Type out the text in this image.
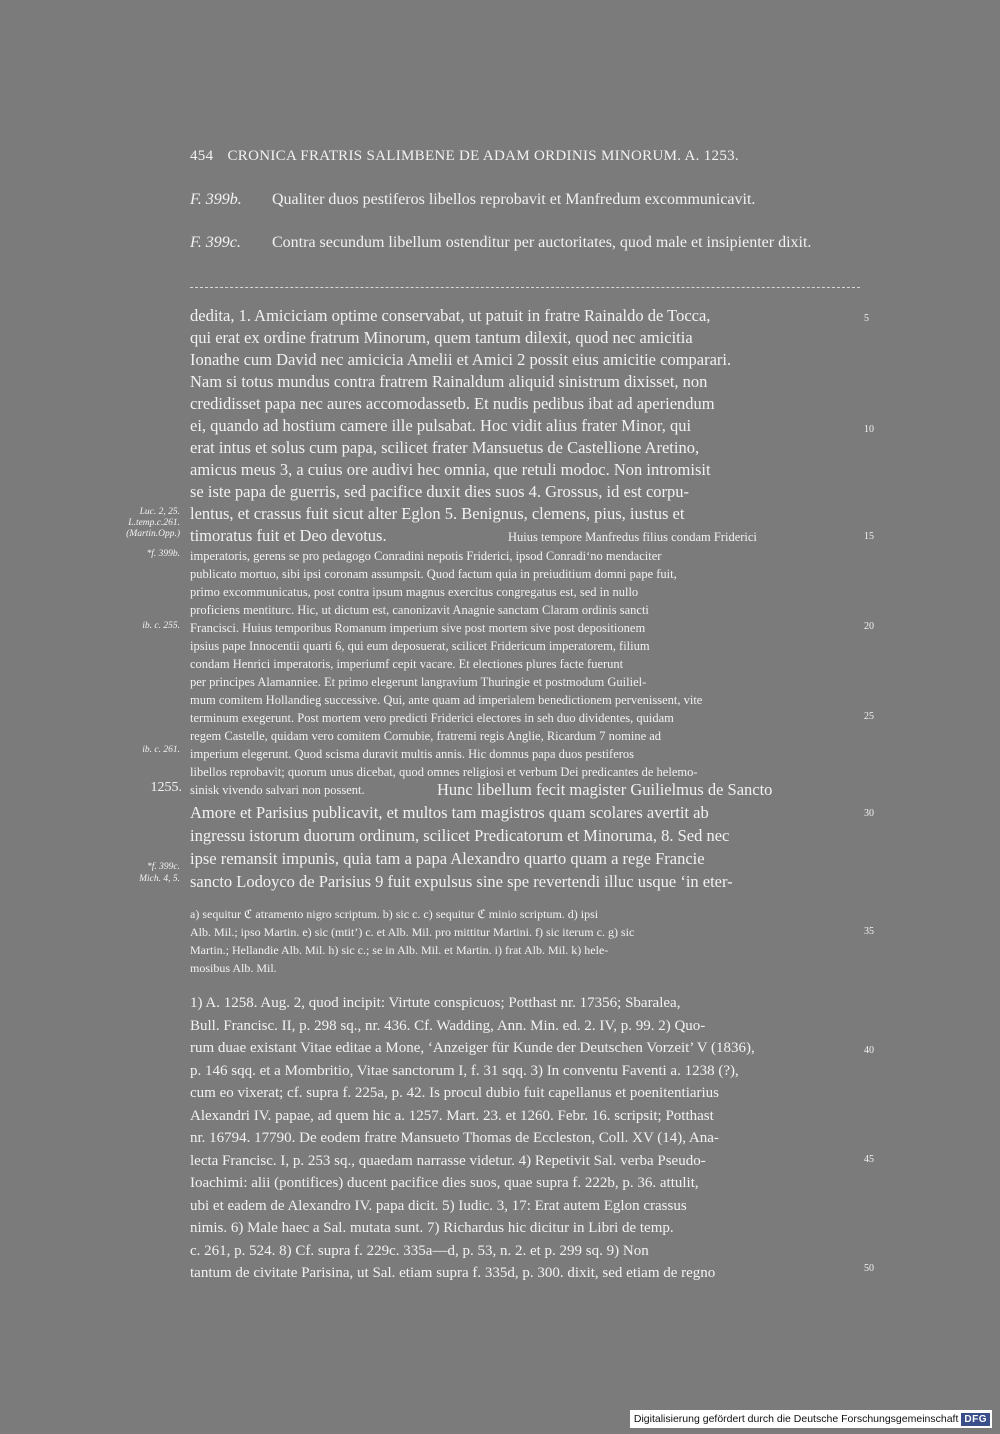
454 CRONICA FRATRIS SALIMBENE DE ADAM ORDINIS MINORUM. A. 1253.
F. 399b. Qualiter duos pestiferos libellos reprobavit et Manfredum excommunicavit.
F. 399c. Contra secundum libellum ostenditur per auctoritates, quod male et insipienter dixit.
dedita, 1. Amiciciam optime conservabat, ut patuit in fratre Rainaldo de Tocca,
qui erat ex ordine fratrum Minorum, quem tantum dilexit, quod nec amicitia
Ionathe cum David nec amicicia Amelii et Amici 2 possit eius amicitie comparari.
Nam si totus mundus contra fratrem Rainaldum aliquid sinistrum dixisset, non
credidisset papa nec aures accomodassetb. Et nudis pedibus ibat ad aperiendum
ei, quando ad hostium camere ille pulsabat. Hoc vidit alius frater Minor, qui
erat intus et solus cum papa, scilicet frater Mansuetus de Castellione Aretino,
amicus meus 3, a cuius ore audivi hec omnia, que retuli modoc. Non intromisit
se iste papa de guerris, sed pacifice duxit dies suos 4. Grossus, id est corpu-
lentus, et crassus fuit sicut alter Eglon 5. Benignus, clemens, pius, iustus et
timoratus fuit et Deo devotus.	Huius tempore Manfredus filius condam Friderici
imperatoris, gerens se pro pedagogo Conradini nepotis Friderici, ipsod Conradi‘no mendaciter
publicato mortuo, sibi ipsi coronam assumpsit. Quod factum quia in preiuditium domni pape fuit,
primo excommunicatus, post contra ipsum magnus exercitus congregatus est, sed in nullo
proficiens mentiturc. Hic, ut dictum est, canonizavit Anagnie sanctam Claram ordinis sancti
Francisci. Huius temporibus Romanum imperium sive post mortem sive post depositionem
ipsius pape Innocentii quarti 6, qui eum deposuerat, scilicet Fridericum imperatorem, filium
condam Henrici imperatoris, imperiumf cepit vacare. Et electiones plures facte fuerunt
per principes Alamanniee. Et primo elegerunt langravium Thuringie et postmodum Guiliel-
mum comitem Hollandieg successive. Qui, ante quam ad imperialem benedictionem pervenissent, vite
terminum exegerunt. Post mortem vero predicti Friderici electores in seh duo dividentes, quidam
regem Castelle, quidam vero comitem Cornubie, fratremi regis Anglie, Ricardum 7 nomine ad
imperium elegerunt. Quod scisma duravit multis annis. Hic domnus papa duos pestiferos
libellos reprobavit; quorum unus dicebat, quod omnes religiosi et verbum Dei predicantes de helemo-
sinisk vivendo salvari non possent.	Hunc libellum fecit magister Guilielmus de Sancto
Amore et Parisius publicavit, et multos tam magistros quam scolares avertit ab
ingressu istorum duorum ordinum, scilicet Predicatorum et Minoruma, 8. Sed nec
ipse remansit impunis, quia tam a papa Alexandro quarto quam a rege Francie
sancto Lodoyco de Parisius 9 fuit expulsus sine spe revertendi illuc usque ‘in eter-
1255.
Luc. 2, 25.
L.temp.c.261.
(Martin.Opp.)
*f. 399b.
ib. c. 255.
ib. c. 261.
*f. 399c.
Mich. 4, 5.
5
10
15
20
25
30
35
40
45
50
a) sequitur ℭ atramento nigro scriptum. b) sic c. c) sequitur ℭ minio scriptum. d) ipsi
Alb. Mil.; ipso Martin. e) sic (mtit’) c. et Alb. Mil. pro mittitur Martini. f) sic iterum c. g) sic
Martin.; Hellandie Alb. Mil. h) sic c.; se in Alb. Mil. et Martin. i) frat Alb. Mil. k) hele-
mosibus Alb. Mil.
1) A. 1258. Aug. 2, quod incipit: Virtute conspicuos; Potthast nr. 17356; Sbaralea,
Bull. Francisc. II, p. 298 sq., nr. 436. Cf. Wadding, Ann. Min. ed. 2. IV, p. 99. 2) Quo-
rum duae existant Vitae editae a Mone, ‘Anzeiger für Kunde der Deutschen Vorzeit’ V (1836),
p. 146 sqq. et a Mombritio, Vitae sanctorum I, f. 31 sqq. 3) In conventu Faventi a. 1238 (?),
cum eo vixerat; cf. supra f. 225a, p. 42. Is procul dubio fuit capellanus et poenitentiarius
Alexandri IV. papae, ad quem hic a. 1257. Mart. 23. et 1260. Febr. 16. scripsit; Potthast
nr. 16794. 17790. De eodem fratre Mansueto Thomas de Eccleston, Coll. XV (14), Ana-
lecta Francisc. I, p. 253 sq., quaedam narrasse videtur. 4) Repetivit Sal. verba Pseudo-
Ioachimi: alii (pontifices) ducent pacifice dies suos, quae supra f. 222b, p. 36. attulit,
ubi et eadem de Alexandro IV. papa dicit. 5) Iudic. 3, 17: Erat autem Eglon crassus
nimis. 6) Male haec a Sal. mutata sunt. 7) Richardus hic dicitur in Libri de temp.
c. 261, p. 524. 8) Cf. supra f. 229c. 335a—d, p. 53, n. 2. et p. 299 sq. 9) Non
tantum de civitate Parisina, ut Sal. etiam supra f. 335d, p. 300. dixit, sed etiam de regno
Digitalisierung gefördert durch die Deutsche Forschungsgemeinschaft DFG
